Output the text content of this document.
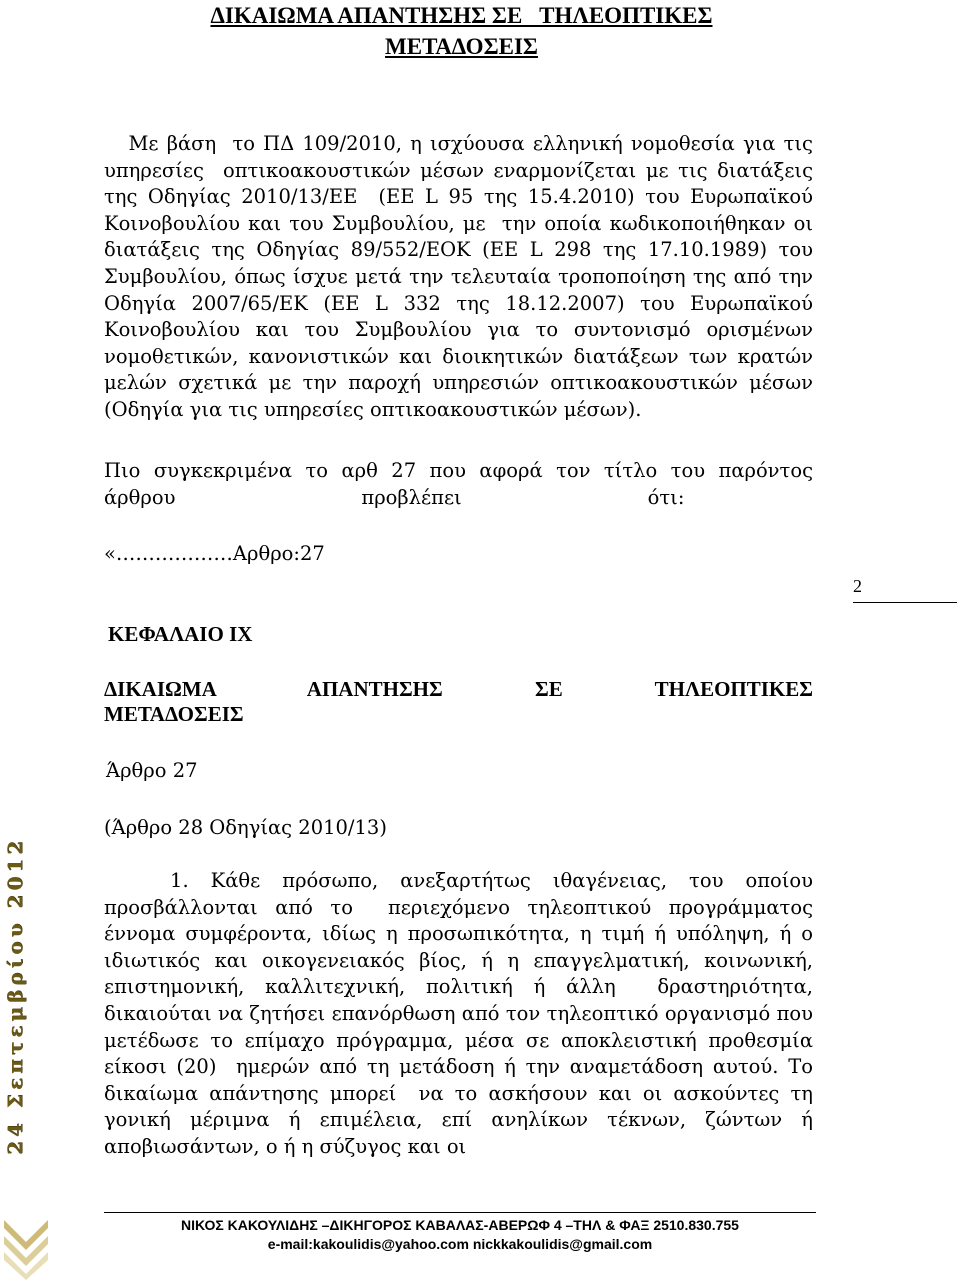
ΔΙΚΑΙΩΜΑ ΑΠΑΝΤΗΣΗΣ ΣΕ   ΤΗΛΕΟΠΤΙΚΕΣ
ΜΕΤΑΔΟΣΕΙΣ

Με βάση  το ΠΔ 109/2010, η ισχύουσα ελληνική νομοθεσία για τις υπηρεσίες  οπτικοακουστικών μέσων εναρμονίζεται με τις διατάξεις της Οδηγίας 2010/13/ΕΕ  (ΕΕ L 95 της 15.4.2010) του Ευρωπαϊκού Κοινοβουλίου και του Συμβουλίου, με  την οποία κωδικοποιήθηκαν οι διατάξεις της Οδηγίας 89/552/ΕΟΚ (ΕΕ L 298 της 17.10.1989) του Συμβουλίου, όπως ίσχυε μετά την τελευταία τροποποίηση της από την Οδηγία 2007/65/ΕΚ (ΕΕ L 332 της 18.12.2007) του Ευρωπαϊκού Κοινοβουλίου και του Συμβουλίου για το συντονισμό ορισμένων νομοθετικών, κανονιστικών και διοικητικών διατάξεων των κρατών μελών σχετικά με την παροχή υπηρεσιών οπτικοακουστικών μέσων (Οδηγία για τις υπηρεσίες οπτικοακουστικών μέσων).

Πιο συγκεκριμένα το αρθ 27 που αφορά τον τίτλο του παρόντος
άρθρου                              προβλέπει                              ότι:
«………………Αρθρο:27
2
ΚΕΦΑΛΑΙΟ ΙΧ
ΔΙΚΑΙΩΜΑ       ΑΠΑΝΤΗΣΗΣ       ΣΕ       ΤΗΛΕΟΠΤΙΚΕΣ
ΜΕΤΑΔΟΣΕΙΣ
Άρθρο 27
(Άρθρο 28 Οδηγίας 2010/13)

1. Κάθε πρόσωπο, ανεξαρτήτως ιθαγένειας, του οποίου προσβάλλονται από το  περιεχόμενο τηλεοπτικού προγράμματος έννομα συμφέροντα, ιδίως η προσωπικότητα, η τιμή ή υπόληψη, ή ο ιδιωτικός και οικογενειακός βίος, ή η επαγγελματική, κοινωνική, επιστημονική, καλλιτεχνική, πολιτική ή άλλη  δραστηριότητα, δικαιούται να ζητήσει επανόρθωση από τον τηλεοπτικό οργανισμό που μετέδωσε το επίμαχο πρόγραμμα, μέσα σε αποκλειστική προθεσμία είκοσι (20)  ημερών από τη μετάδοση ή την αναμετάδοση αυτού. Το δικαίωμα απάντησης μπορεί  να το ασκήσουν και οι ασκούντες τη γονική μέριμνα ή επιμέλεια, επί ανηλίκων τέκνων, ζώντων ή αποβιωσάντων, ο ή η σύζυγος και οι

24 Σεπτεμβρίου 2012
ΝΙΚΟΣ ΚΑΚΟΥΛΙΔΗΣ –ΔΙΚΗΓΟΡΟΣ ΚΑΒΑΛΑΣ-ΑΒΕΡΩΦ 4 –ΤΗΛ & ΦΑΞ 2510.830.755
e-mail:kakoulidis@yahoo.com nickkakoulidis@gmail.com
